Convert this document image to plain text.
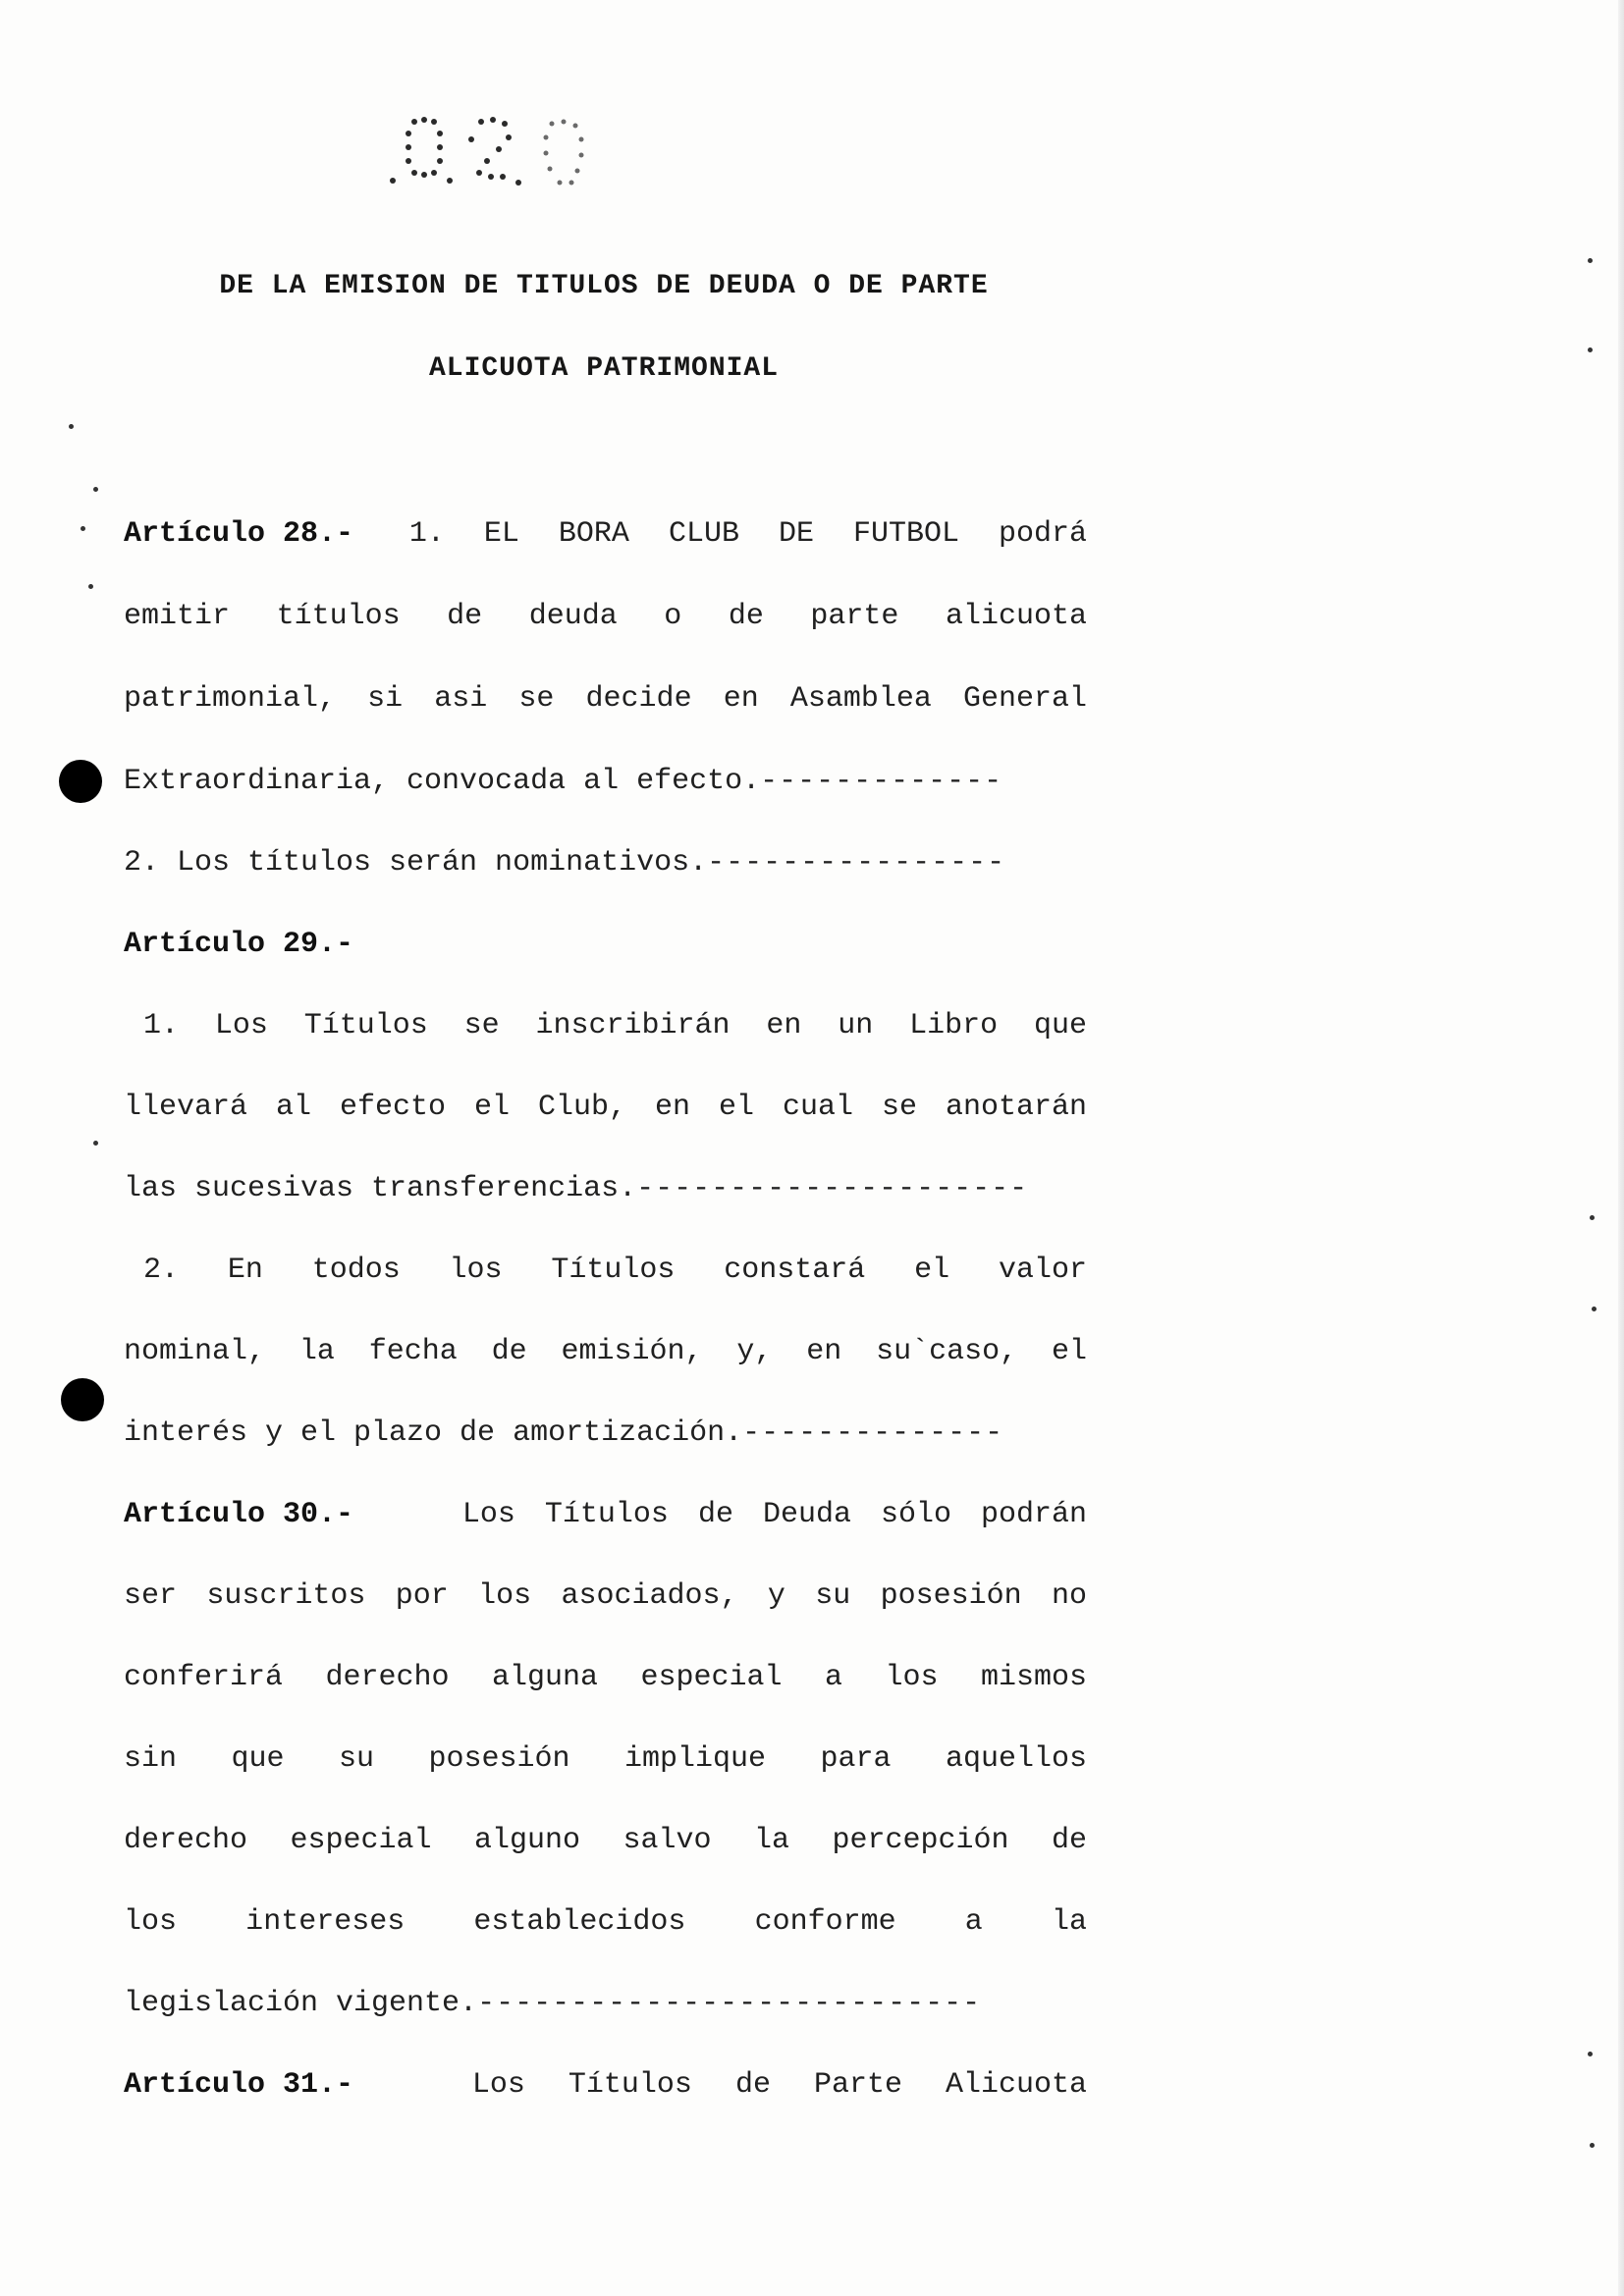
DE LA EMISION DE TITULOS DE DEUDA O DE PARTE
ALICUOTA PATRIMONIAL
Artículo 28.-	1. EL BORA CLUB DE FUTBOL podrá
emitir títulos de deuda o de parte alicuota
patrimonial, si asi se decide en Asamblea General
Extraordinaria, convocada al efecto. -------------
2. Los títulos serán nominativos. ----------------
Artículo 29.-
1. Los Títulos se inscribirán en un Libro que
llevará al efecto el Club, en el cual se anotarán
las sucesivas transferencias. ---------------------
2. En todos los Títulos constará el valor
nominal, la fecha de emisión, y, en su`caso, el
interés y el plazo de amortización. --------------
Artículo 30.-	Los Títulos de Deuda sólo podrán
ser suscritos por los asociados, y su posesión no
conferirá derecho alguna especial a los mismos
sin que su posesión implique para aquellos
derecho especial alguno salvo la percepción de
los intereses establecidos conforme a la
legislación vigente. ---------------------------
Artículo 31.-	Los Títulos de Parte Alicuota
